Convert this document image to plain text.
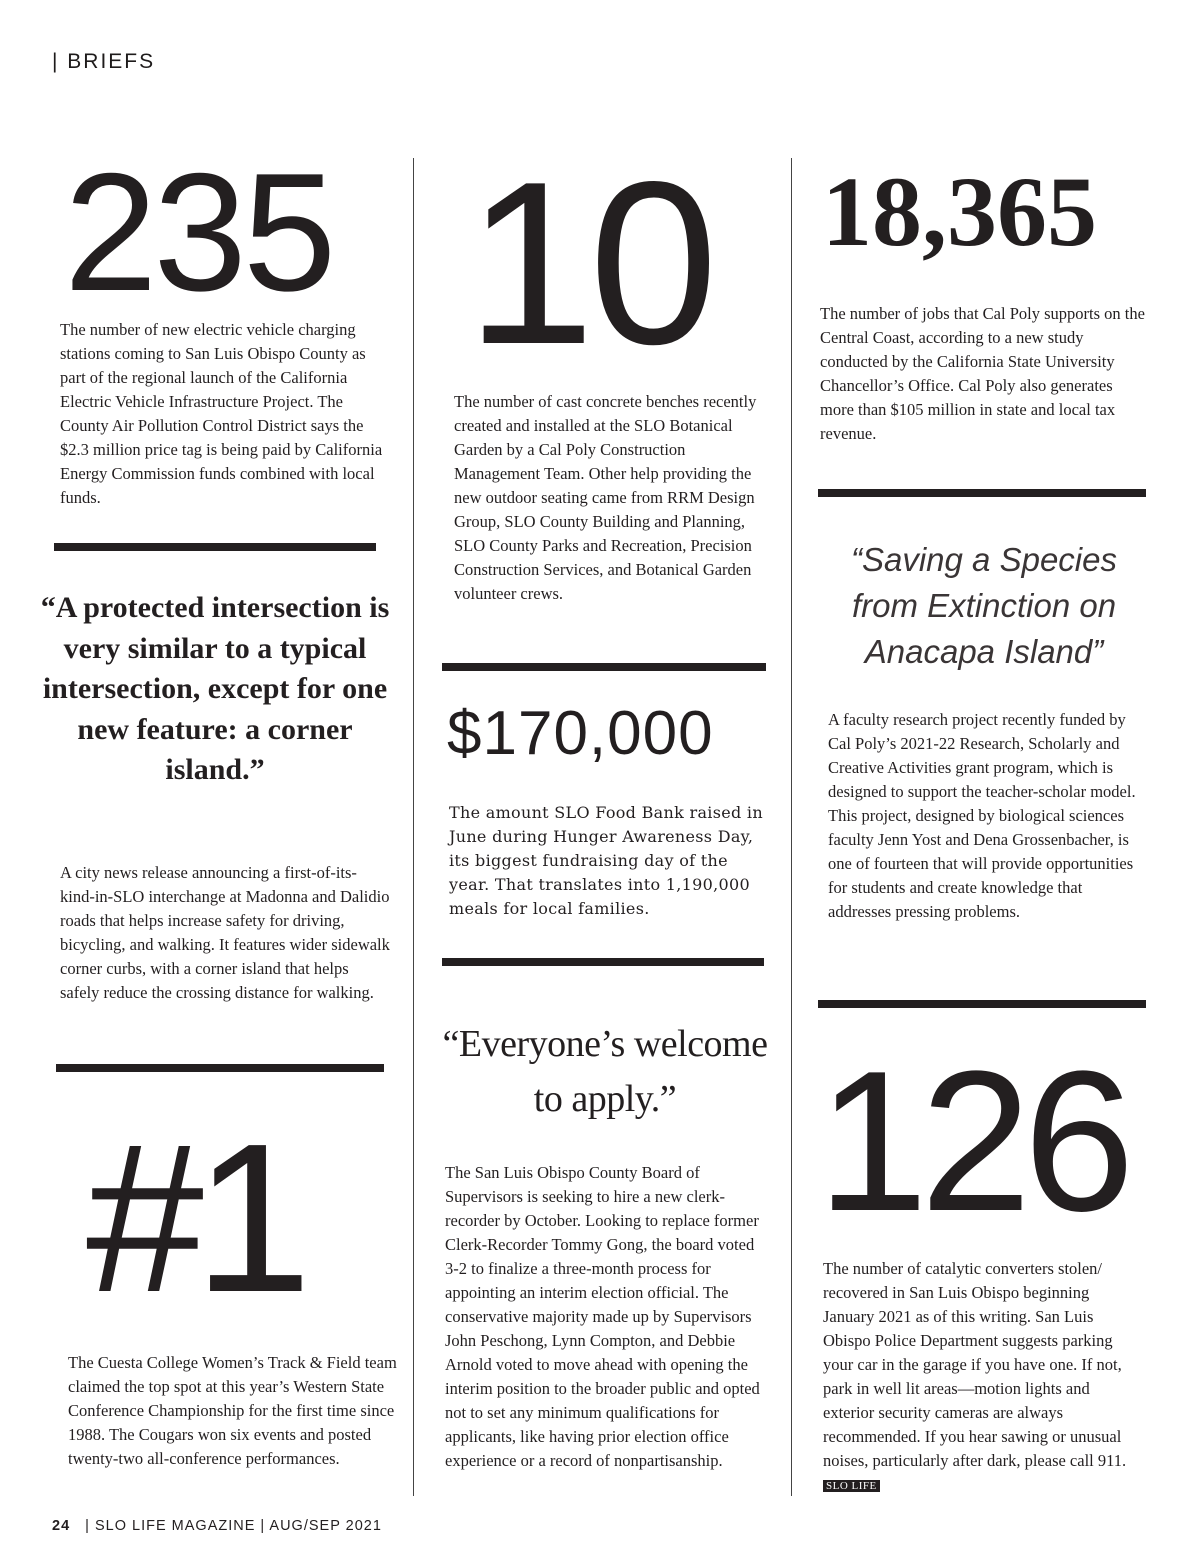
| BRIEFS
235
The number of new electric vehicle charging stations coming to San Luis Obispo County as part of the regional launch of the California Electric Vehicle Infrastructure Project. The County Air Pollution Control District says the $2.3 million price tag is being paid by California Energy Commission funds combined with local funds.
“A protected intersection is very similar to a typical intersection, except for one new feature: a corner island.”
A city news release announcing a first-of-its-kind-in-SLO interchange at Madonna and Dalidio roads that helps increase safety for driving, bicycling, and walking. It features wider sidewalk corner curbs, with a corner island that helps safely reduce the crossing distance for walking.
#1
The Cuesta College Women’s Track & Field team claimed the top spot at this year’s Western State Conference Championship for the first time since 1988. The Cougars won six events and posted twenty-two all-conference performances.
10
The number of cast concrete benches recently created and installed at the SLO Botanical Garden by a Cal Poly Construction Management Team. Other help providing the new outdoor seating came from RRM Design Group, SLO County Building and Planning, SLO County Parks and Recreation, Precision Construction Services, and Botanical Garden volunteer crews.
$170,000
The amount SLO Food Bank raised in June during Hunger Awareness Day, its biggest fundraising day of the year. That translates into 1,190,000 meals for local families.
“Everyone’s welcome to apply.”
The San Luis Obispo County Board of Supervisors is seeking to hire a new clerk-recorder by October. Looking to replace former Clerk-Recorder Tommy Gong, the board voted 3-2 to finalize a three-month process for appointing an interim election official. The conservative majority made up by Supervisors John Peschong, Lynn Compton, and Debbie Arnold voted to move ahead with opening the interim position to the broader public and opted not to set any minimum qualifications for applicants, like having prior election office experience or a record of nonpartisanship.
18,365
The number of jobs that Cal Poly supports on the Central Coast, according to a new study conducted by the California State University Chancellor’s Office. Cal Poly also generates more than $105 million in state and local tax revenue.
“Saving a Species from Extinction on Anacapa Island”
A faculty research project recently funded by Cal Poly’s 2021-22 Research, Scholarly and Creative Activities grant program, which is designed to support the teacher-scholar model. This project, designed by biological sciences faculty Jenn Yost and Dena Grossenbacher, is one of fourteen that will provide opportunities for students and create knowledge that addresses pressing problems.
126
The number of catalytic converters stolen/ recovered in San Luis Obispo beginning January 2021 as of this writing. San Luis Obispo Police Department suggests parking your car in the garage if you have one. If not, park in well lit areas—motion lights and exterior security cameras are always recommended. If you hear sawing or unusual noises, particularly after dark, please call 911. SLO LIFE
24 | SLO LIFE MAGAZINE | AUG/SEP 2021
